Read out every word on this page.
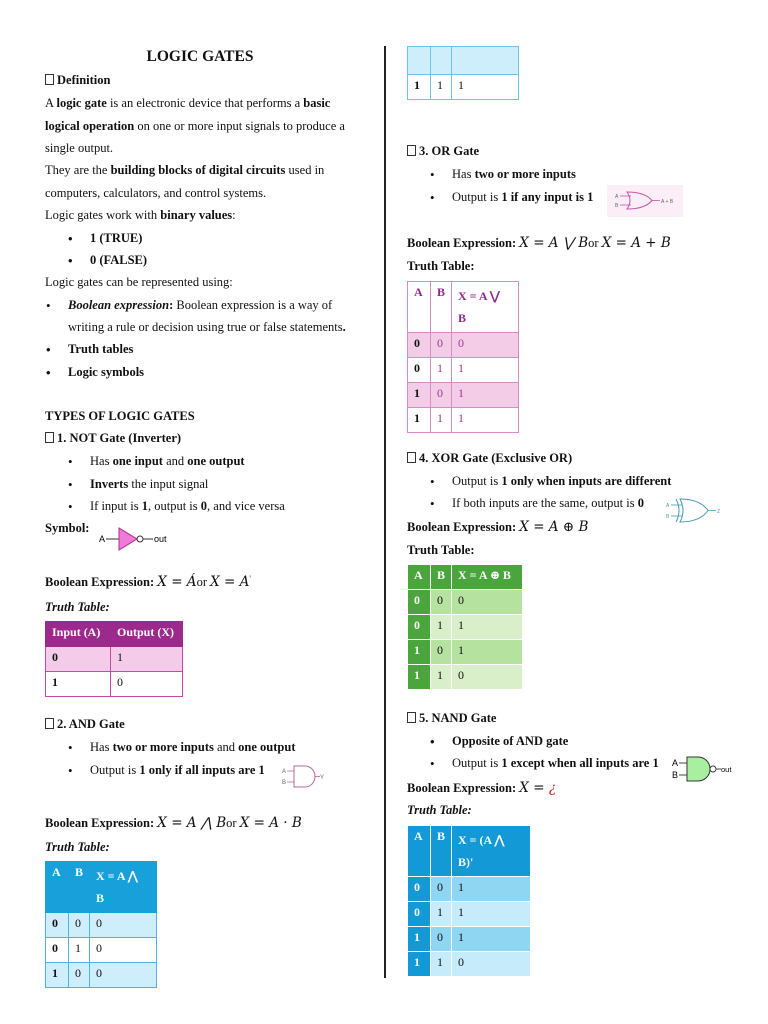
LOGIC GATES
Definition
A logic gate is an electronic device that performs a basic
logical operation on one or more input signals to produce a
single output.
They are the building blocks of digital circuits used in
computers, calculators, and control systems.
Logic gates work with binary values:
• 1 (TRUE)
• 0 (FALSE)
Logic gates can be represented using:
• Boolean expression: Boolean expression is a way of
writing a rule or decision using true or false statements.
• Truth tables
• Logic symbols
TYPES OF LOGIC GATES
1. NOT Gate (Inverter)
• Has one input and one output
• Inverts the input signal
• If input is 1, output is 0, and vice versa
Symbol:
A	out
Boolean Expression: X = Áor X = A'
Truth Table:
Input (A)	Output (X)
0	1
1	0
2. AND Gate
• Has two or more inputs and one output
• Output is 1 only if all inputs are 1	A
B
Y
Boolean Expression: X = A ⋀ Bor X = A · B
Truth Table:
A	B	X = A ⋀
B
0	0	0
0	1	0
1	0	0

1	1	1
3. OR Gate
• Has two or more inputs
• Output is 1 if any input is 1	A
B
A + B
Boolean Expression: X = A ⋁ Bor X = A + B
Truth Table:
A	B	X = A ⋁
B
0	0	0
0	1	1
1	0	1
1	1	1
4. XOR Gate (Exclusive OR)
• Output is 1 only when inputs are different
• If both inputs are the same, output is 0	A
B
Z
Boolean Expression: X = A ⊕ B
Truth Table:
A	B	X = A ⊕ B
0	0	0
0	1	1
1	0	1
1	1	0
5. NAND Gate
• Opposite of AND gate
• Output is 1 except when all inputs are 1 A
B
out
Boolean Expression: X = ¿
Truth Table:
A	B	X = (A ⋀
B)'
0	0	1
0	1	1
1	0	1
1	1	0
